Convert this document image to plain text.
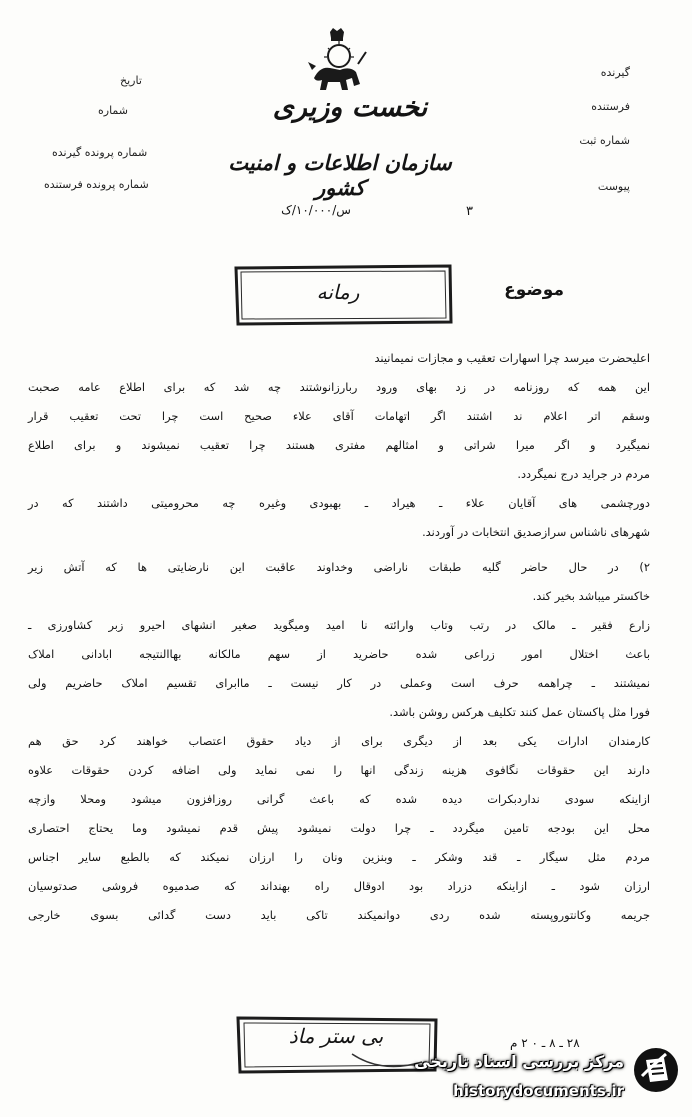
گیرنده
فرستنده
شماره ثبت
پیوست
تاریخ
شماره
شماره پرونده گیرنده
شماره پرونده فرستنده
نخست وزیری
سازمان اطلاعات و امنیت کشور
س/۱۰/۰۰۰/ک	۳
موضوع
رمانه
اعلیحضرت میرسد چرا اسهارات تعقیب و مجازات نمیمانیند
این همه که روزنامه در زد بهای ورود ربارزانوشتند چه شد که برای اطلاع عامه صحبت
وسقم اتر اعلام ند اشتند اگر اتهامات آقای علاء صحیح است چرا تحت تعقیب قرار
نمیگیرد و اگر میرا شراتی و امثالهم مفتری هستند چرا تعقیب نمیشوند و برای اطلاع
مردم در جراید درج نمیگردد.
دورچشمی های آقایان علاء ـ هیراد ـ بهبودی وغیره چه محرومیتی داشتند که در
شهرهای ناشناس سرازصدیق انتخابات در آوردند.
۲) در حال حاضر گلیه طبقات ناراضی وخداوند عاقبت این نارضایتی ها که آتش زیر
خاکستر میباشد بخیر کند.
زارع فقیر ـ مالک در رتب وتاب وارائته نا امید ومیگوید صغیر انشهای احیرو زبر کشاورزی ـ
باعث اختلال امور زراعی شده حاضرید از سهم مالکانه بهاالنتیجه ابادانی املاک
نمیشتند ـ چراهمه حرف است وعملی در کار نیست ـ ماابرای تقسیم املاک حاضریم ولی
فورا مثل پاکستان عمل کنند تکلیف هرکس روشن باشد.
کارمندان ادارات یکی بعد از دیگری برای از دیاد حقوق اعتصاب خواهند کرد حق هم
دارند این حقوقات نگافوی هزینه زندگی انها را نمی نماید ولی اضافه کردن حقوقات علاوه
ازاینکه سودی نداردبکرات دیده شده که باعث گرانی روزافزون میشود ومحلا وازچه
محل این بودجه تامین میگردد ـ چرا دولت نمیشود پیش قدم نمیشود وما یحتاج احتصاری
مردم مثل سیگار ـ قند وشکر ـ وبنزین ونان را ارزان نمیکند که بالطبع سایر اجناس
ارزان شود ـ ازاینکه دزراد بود ادوقال راه بهنداند که صدمیوه فروشی صدتوسیان
جریمه وکانتوروپسته شده ردی دوانمیکند تاکی باید دست گدائی بسوی خارجی
بی ستر ماذ	۲۸ ـ ۸ ـ ۰ ۲ م
مرکز بررسی اسناد تاریخی
historydocuments.ir
